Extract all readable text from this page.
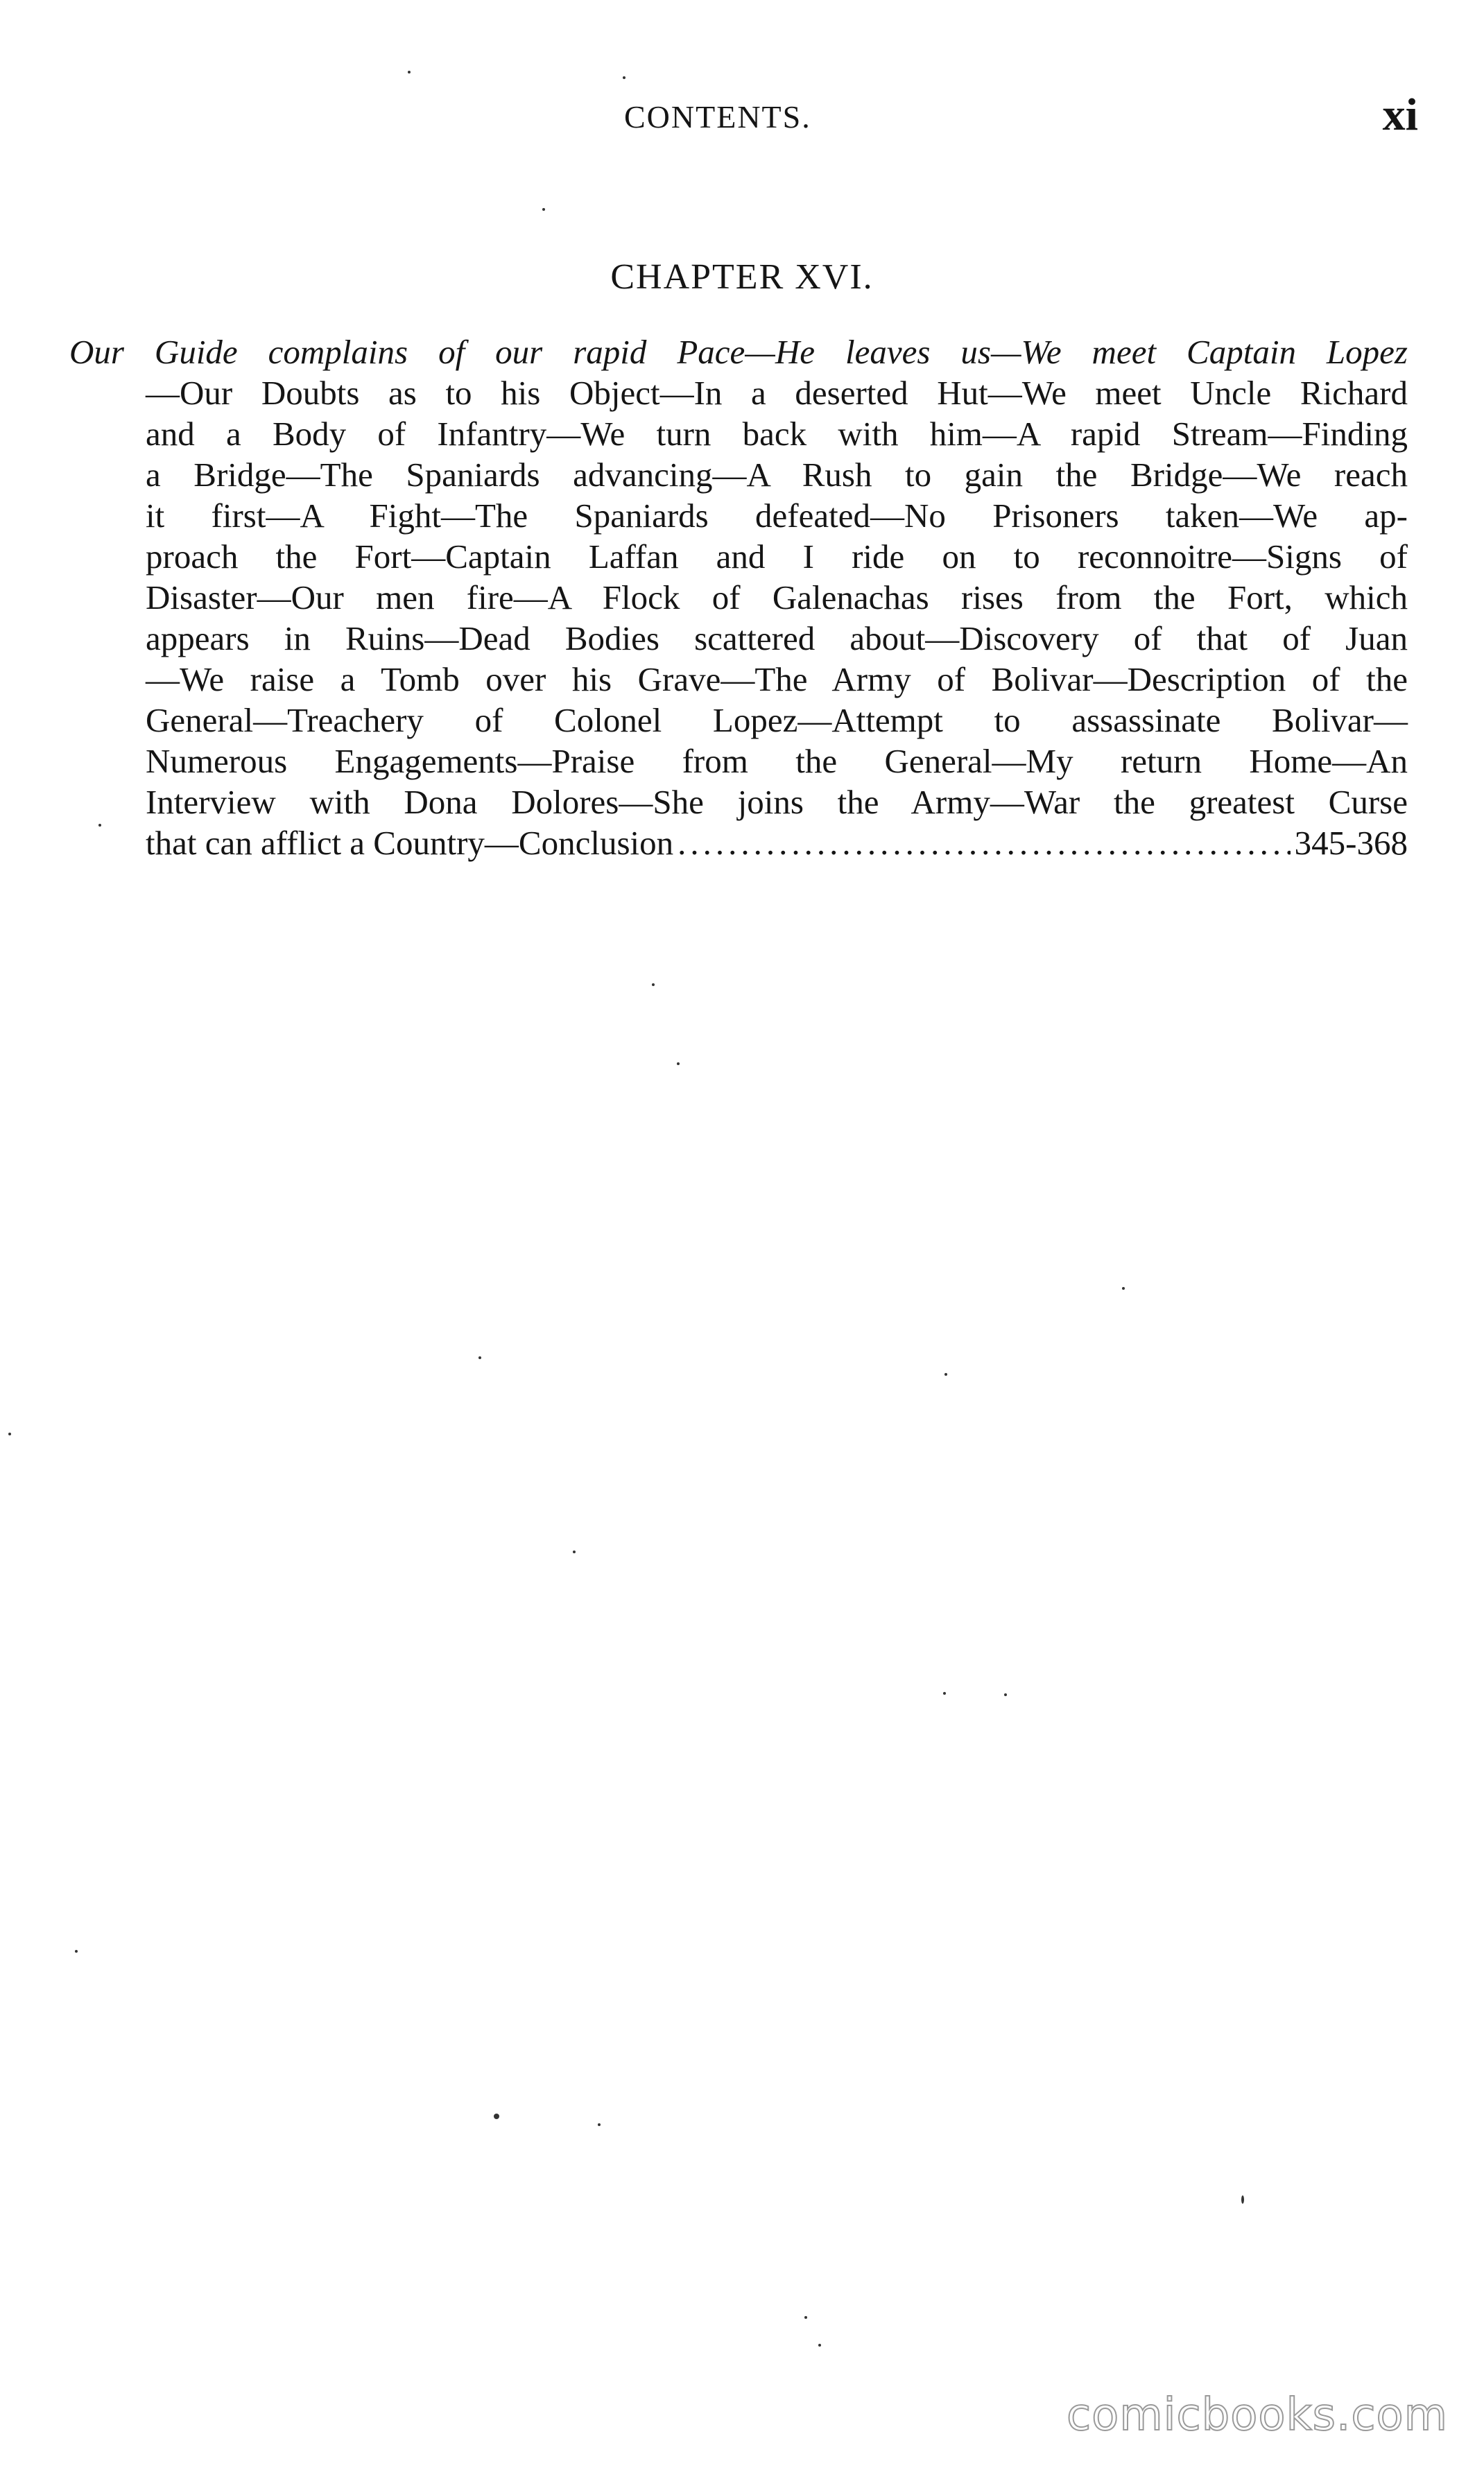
CONTENTS.	xi
CHAPTER XVI.
Our Guide complains of our rapid Pace—He leaves us—We meet Captain Lopez
—Our Doubts as to his Object—In a deserted Hut—We meet Uncle Richard
and a Body of Infantry—We turn back with him—A rapid Stream—Finding
a Bridge—The Spaniards advancing—A Rush to gain the Bridge—We reach
it first—A Fight—The Spaniards defeated—No Prisoners taken—We ap-
proach the Fort—Captain Laffan and I ride on to reconnoitre—Signs of
Disaster—Our men fire—A Flock of Galenachas rises from the Fort, which
appears in Ruins—Dead Bodies scattered about—Discovery of that of Juan
—We raise a Tomb over his Grave—The Army of Bolivar—Description of the
General—Treachery of Colonel Lopez—Attempt to assassinate Bolivar—
Numerous Engagements—Praise from the General—My return Home—An
Interview with Dona Dolores—She joins the Army—War the greatest Curse
that can afflict a Country—Conclusion
.....	345-368
comicbooks.com
